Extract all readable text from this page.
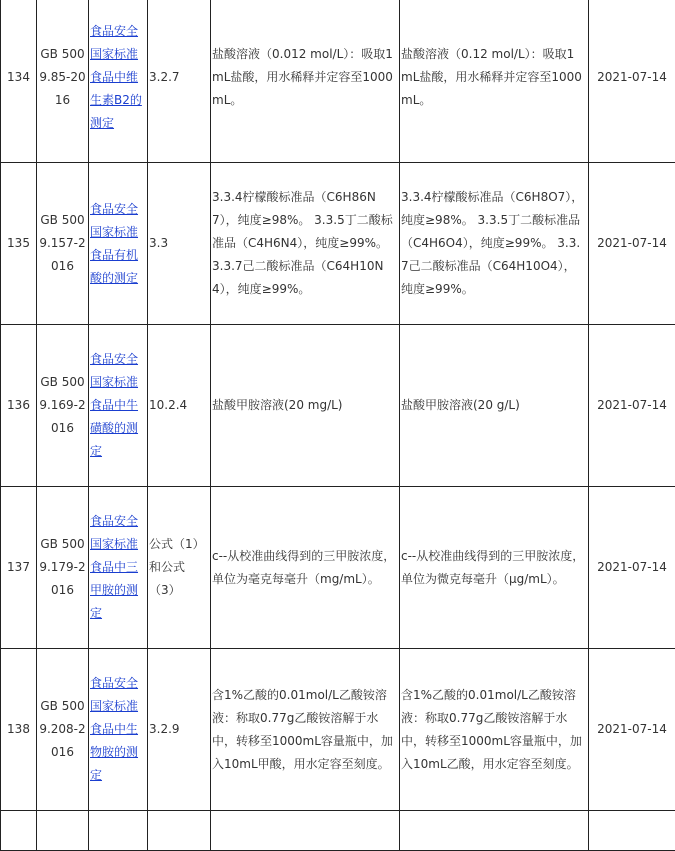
134	GB 5009.85-2016	食品安全国家标准食品中维生素B2的测定	3.2.7	盐酸溶液（0.012 mol/L）：吸取1 mL盐酸，用水稀释并定容至1000 mL。	盐酸溶液（0.12 mol/L）：吸取1 mL盐酸，用水稀释并定容至1000 mL。	2021-07-14
135	GB 5009.157-2016	食品安全国家标准食品有机酸的测定	3.3	3.3.4柠檬酸标准品（C6H86N7），纯度≥98%。 3.3.5丁二酸标准品（C4H6N4），纯度≥99%。 3.3.7己二酸标准品（C64H10N4），纯度≥99%。	3.3.4柠檬酸标准品（C6H8O7），纯度≥98%。 3.3.5丁二酸标准品（C4H6O4），纯度≥99%。 3.3.7己二酸标准品（C64H10O4），纯度≥99%。	2021-07-14
136	GB 5009.169-2016	食品安全国家标准食品中牛磺酸的测定	10.2.4	盐酸甲胺溶液(20 mg/L)	盐酸甲胺溶液(20 g/L)	2021-07-14
137	GB 5009.179-2016	食品安全国家标准食品中三甲胺的测定	公式（1）和公式（3）	c--从校准曲线得到的三甲胺浓度，单位为毫克每毫升（mg/mL）。	c--从校准曲线得到的三甲胺浓度，单位为微克每毫升（μg/mL）。	2021-07-14
138	GB 5009.208-2016	食品安全国家标准食品中生物胺的测定	3.2.9	含1%乙酸的0.01mol/L乙酸铵溶液：称取0.77g乙酸铵溶解于水中，转移至1000mL容量瓶中，加入10mL甲酸，用水定容至刻度。	含1%乙酸的0.01mol/L乙酸铵溶液：称取0.77g乙酸铵溶解于水中，转移至1000mL容量瓶中，加入10mL乙酸，用水定容至刻度。	2021-07-14
